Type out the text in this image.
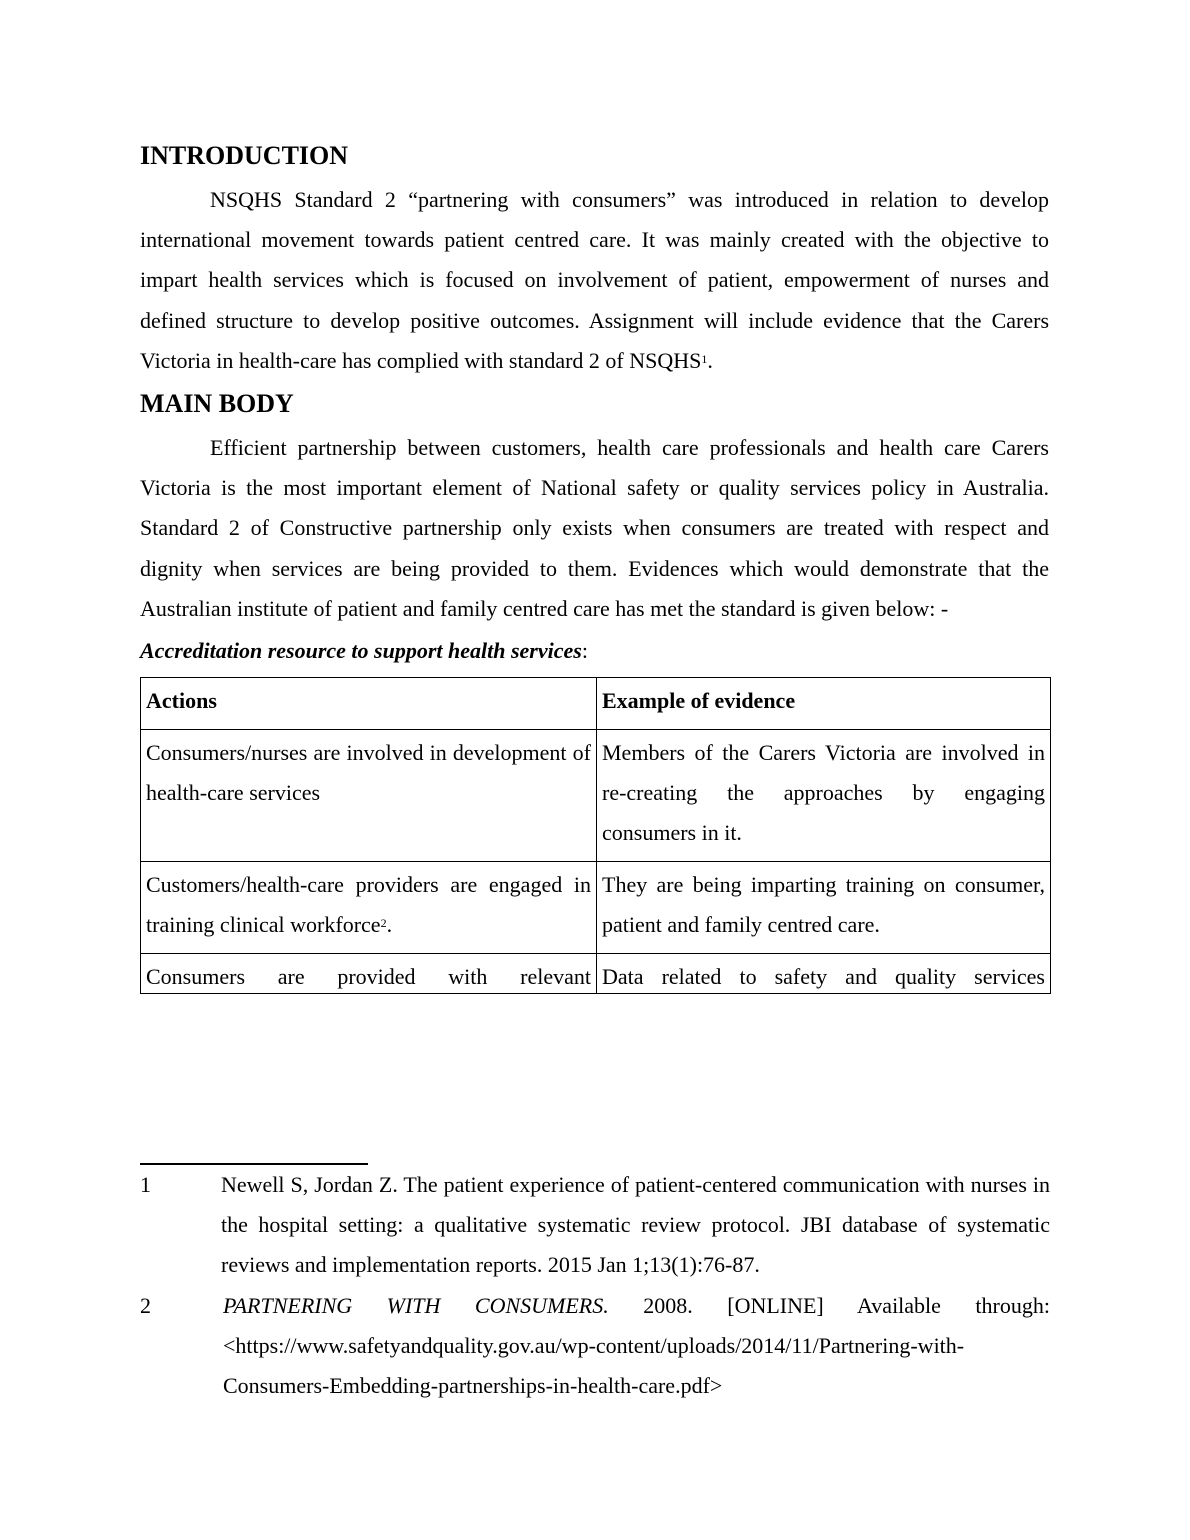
INTRODUCTION

NSQHS Standard 2 “partnering with consumers” was introduced in relation to develop international movement towards patient centred care. It was mainly created with the objective to impart health services which is focused on involvement of patient, empowerment of nurses and defined structure to develop positive outcomes. Assignment will include evidence that the Carers Victoria in health-care has complied with standard 2 of NSQHS$^1$.

MAIN BODY

Efficient partnership between customers, health care professionals and health care Carers Victoria is the most important element of National safety or quality services policy in Australia. Standard 2 of Constructive partnership only exists when consumers are treated with respect and dignity when services are being provided to them. Evidences which would demonstrate that the Australian institute of patient and family centred care has met the standard is given below: -

Accreditation resource to support health services:

Actions	Example of evidence
Consumers/nurses are involved in development of health-care services	Members of the Carers Victoria are involved in re-creating the approaches by engaging consumers in it.
Customers/health-care providers are engaged in training clinical workforce$^2$.	They are being imparting training on consumer, patient and family centred care.

Consumers are provided with relevant	Data related to safety and quality services
1	Newell S, Jordan Z. The patient experience of patient-centered communication with nurses in the hospital setting: a qualitative systematic review protocol. JBI database of systematic reviews and implementation reports. 2015 Jan 1;13(1):76-87.
2	PARTNERING WITH CONSUMERS. 2008. [ONLINE] Available through: <https://www.safetyandquality.gov.au/wp-content/uploads/2014/11/Partnering-with-Consumers-Embedding-partnerships-in-health-care.pdf>
